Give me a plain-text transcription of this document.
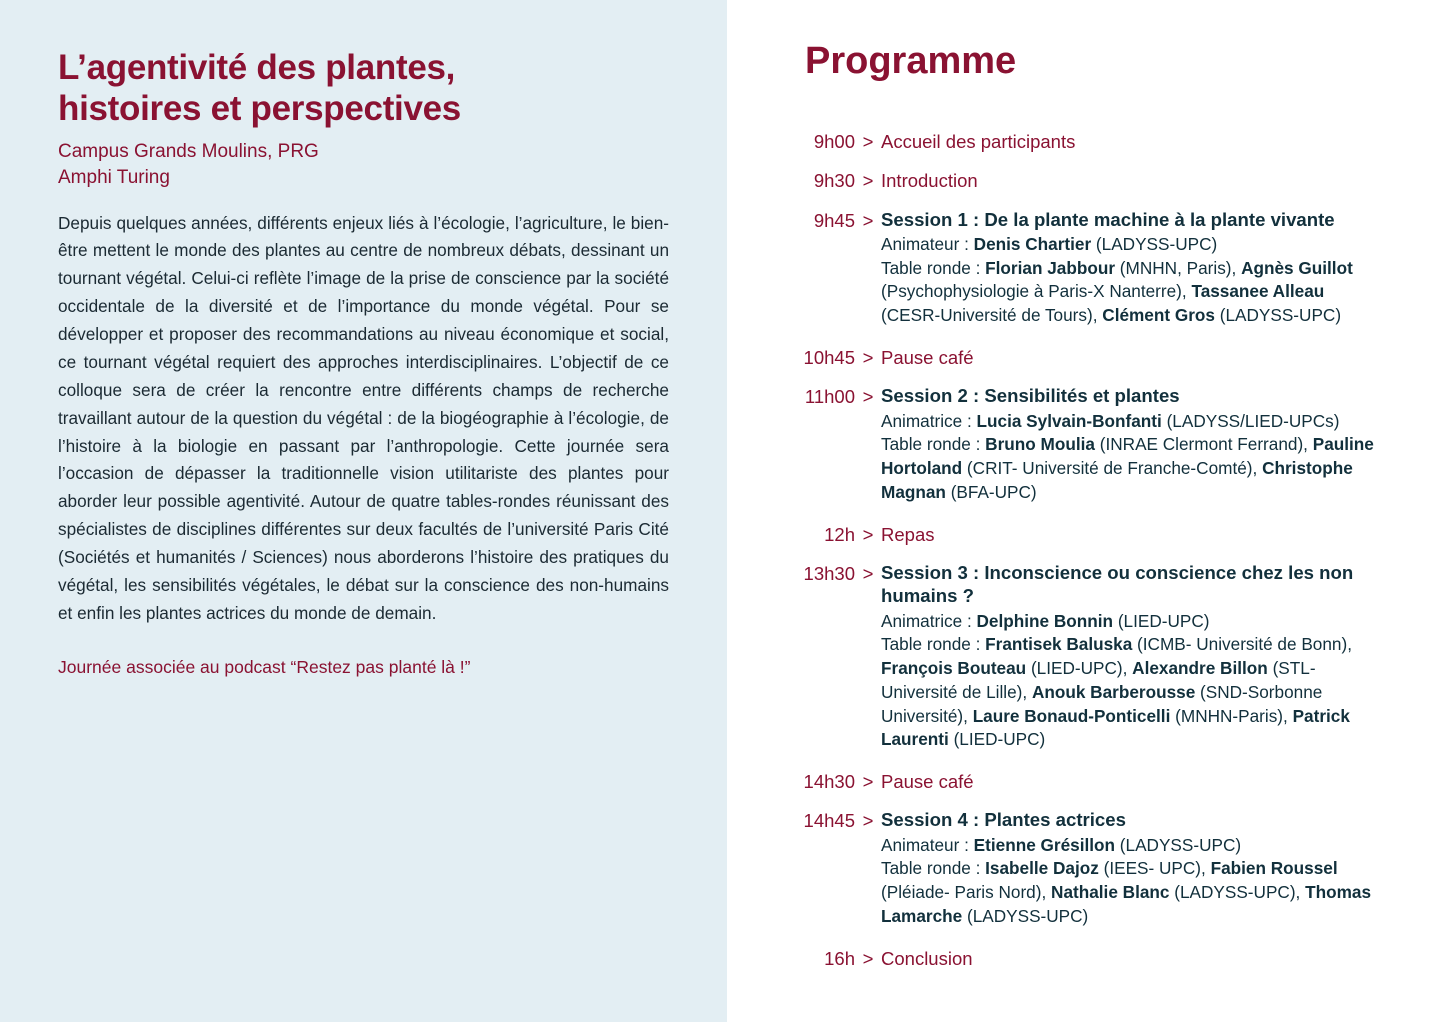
L’agentivité des plantes,
histoires et perspectives
Campus Grands Moulins, PRG
Amphi Turing

Depuis quelques années, différents enjeux liés à l’écologie, l’agriculture, le bien-être mettent le monde des plantes au centre de nombreux débats, dessinant un tournant végétal. Celui-ci reflète l’image de la prise de conscience par la société occidentale de la diversité et de l’importance du monde végétal. Pour se développer et proposer des recommandations au niveau économique et social, ce tournant végétal requiert des approches interdisciplinaires. L’objectif de ce colloque sera de créer la rencontre entre différents champs de recherche travaillant autour de la question du végétal : de la biogéographie à l’écologie, de l’histoire à la biologie en passant par l’anthropologie. Cette journée sera l’occasion de dépasser la traditionnelle vision utilitariste des plantes pour aborder leur possible agentivité. Autour de quatre tables-rondes réunissant des spécialistes de disciplines différentes sur deux facultés de l’université Paris Cité (Sociétés et humanités / Sciences) nous aborderons l’histoire des pratiques du végétal, les sensibilités végétales, le débat sur la conscience des non-humains et enfin les plantes actrices du monde de demain.

Journée associée au podcast “Restez pas planté là !”

Programme
9h00 > Accueil des participants
9h30 > Introduction
9h45 > Session 1 : De la plante machine à la plante vivante
Animateur : Denis Chartier (LADYSS-UPC)
Table ronde : Florian Jabbour (MNHN, Paris), Agnès Guillot (Psychophysiologie à Paris-X Nanterre), Tassanee Alleau (CESR-Université de Tours), Clément Gros (LADYSS-UPC)
10h45 > Pause café
11h00 > Session 2 : Sensibilités et plantes
Animatrice : Lucia Sylvain-Bonfanti (LADYSS/LIED-UPCs)
Table ronde : Bruno Moulia (INRAE Clermont Ferrand), Pauline Hortoland (CRIT- Université de Franche-Comté), Christophe Magnan (BFA-UPC)
12h > Repas
13h30 > Session 3 : Inconscience ou conscience chez les non humains ?
Animatrice : Delphine Bonnin (LIED-UPC)
Table ronde : Frantisek Baluska (ICMB- Université de Bonn), François Bouteau (LIED-UPC), Alexandre Billon (STL-Université de Lille), Anouk Barberousse (SND-Sorbonne Université), Laure Bonaud-Ponticelli (MNHN-Paris), Patrick Laurenti (LIED-UPC)
14h30 > Pause café
14h45 > Session 4 : Plantes actrices
Animateur : Etienne Grésillon (LADYSS-UPC)
Table ronde : Isabelle Dajoz (IEES- UPC), Fabien Roussel (Pléiade- Paris Nord), Nathalie Blanc (LADYSS-UPC), Thomas Lamarche (LADYSS-UPC)
16h > Conclusion
